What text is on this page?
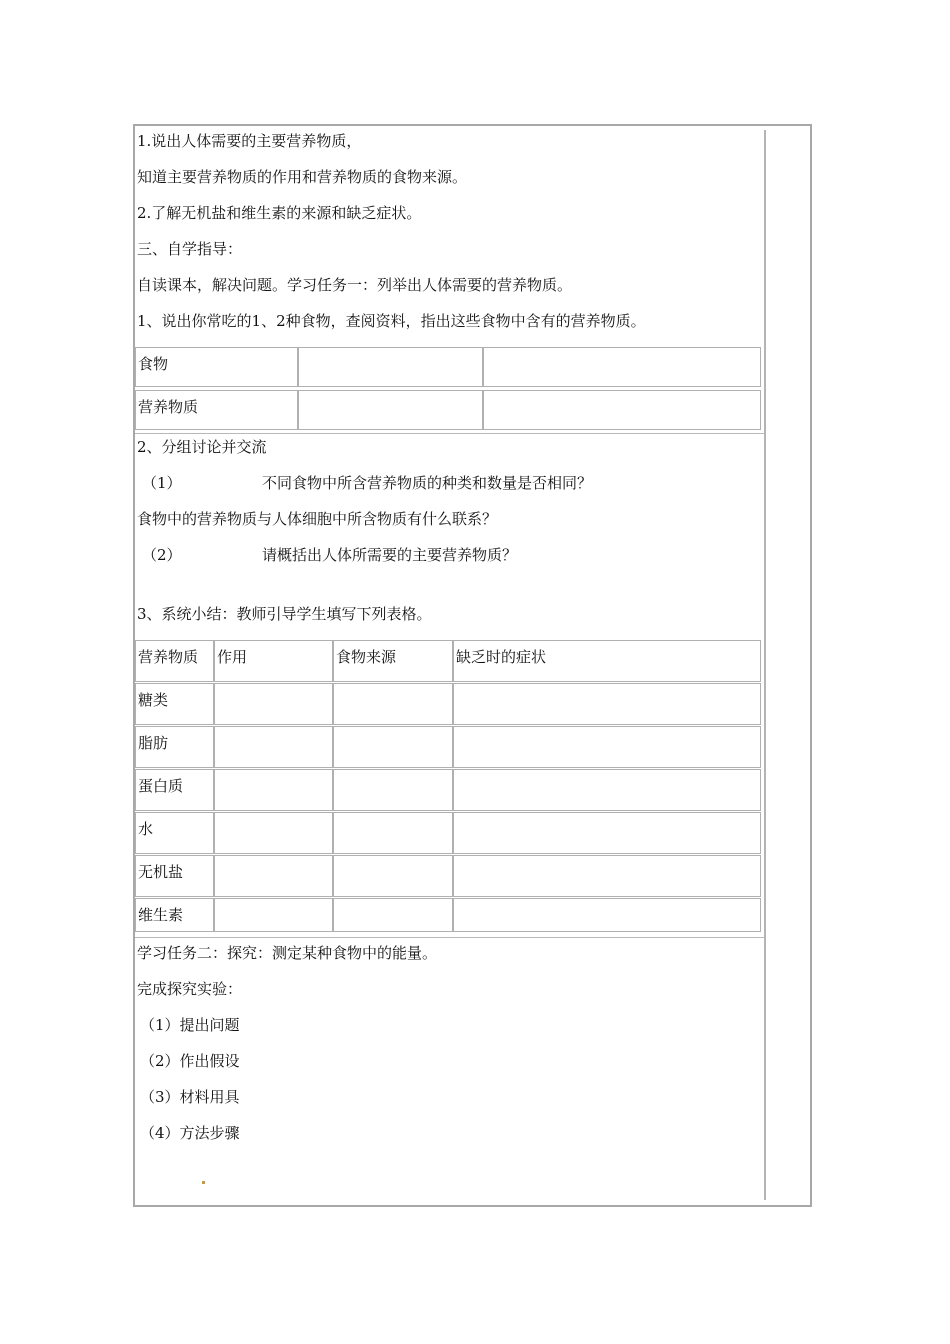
1.说出人体需要的主要营养物质，
知道主要营养物质的作用和营养物质的食物来源。
2.了解无机盐和维生素的来源和缺乏症状。
三、自学指导：
自读课本，解决问题。学习任务一：列举出人体需要的营养物质。
1、说出你常吃的1、2种食物，查阅资料，指出这些食物中含有的营养物质。
食物
营养物质
2、分组讨论并交流
（1）	不同食物中所含营养物质的种类和数量是否相同？
食物中的营养物质与人体细胞中所含物质有什么联系？
（2）	请概括出人体所需要的主要营养物质？
3、系统小结：教师引导学生填写下列表格。
营养物质	作用	食物来源	缺乏时的症状
糖类
脂肪
蛋白质
水
无机盐
维生素
学习任务二：探究：测定某种食物中的能量。
完成探究实验：
（1）提出问题
（2）作出假设
（3）材料用具
（4）方法步骤
